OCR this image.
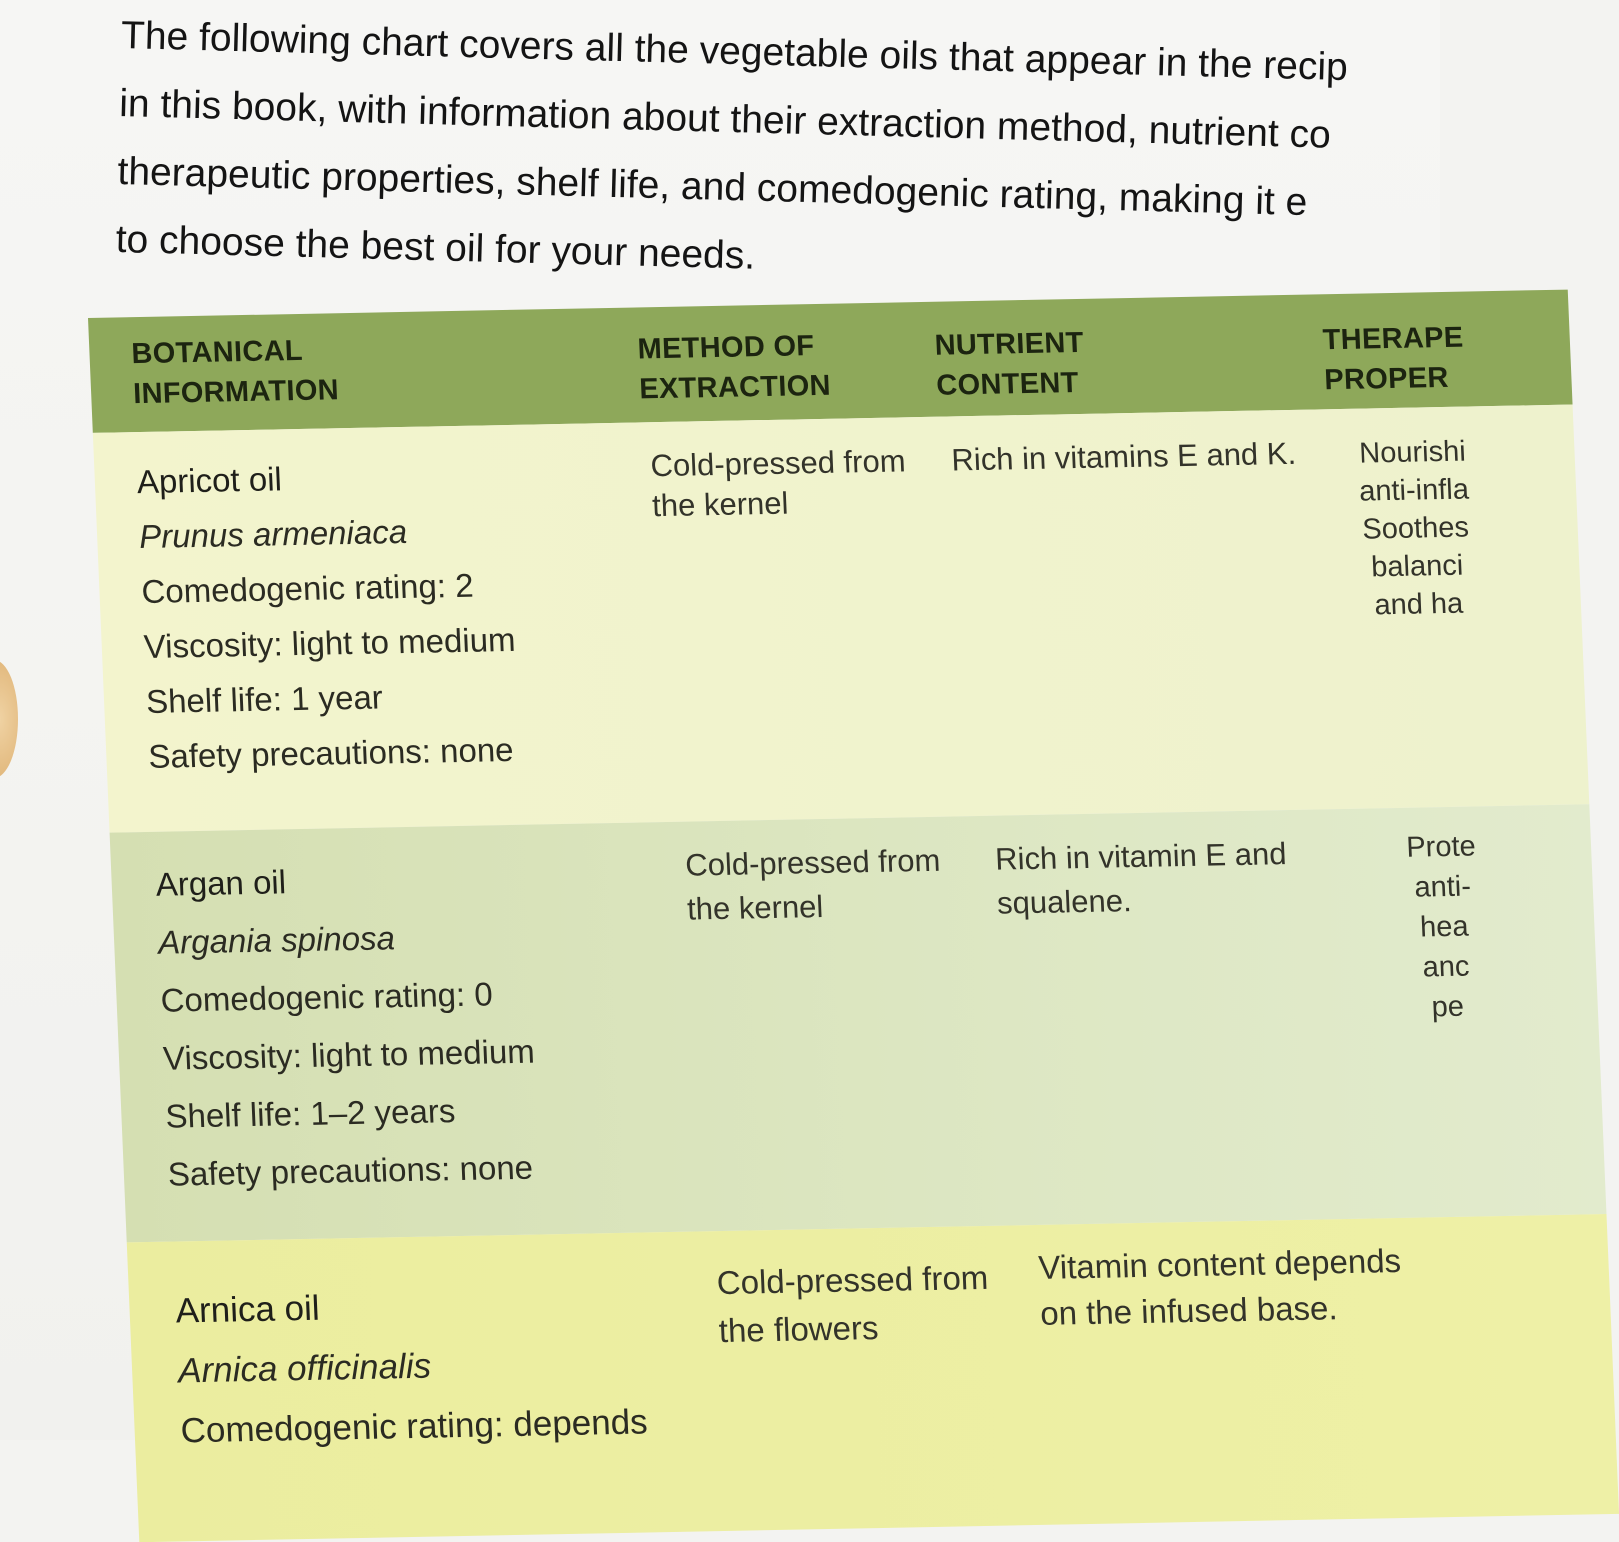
The following chart covers all the vegetable oils that appear in the recip
in this book, with information about their extraction method, nutrient co
therapeutic properties, shelf life, and comedogenic rating, making it e
to choose the best oil for your needs.

BOTANICAL
INFORMATION
METHOD OF
EXTRACTION
NUTRIENT
CONTENT
THERAPE
PROPER
Apricot oil
Prunus armeniaca
Comedogenic rating: 2
Viscosity: light to medium
Shelf life: 1 year
Safety precautions: none
Cold-pressed from
the kernel
Rich in vitamins E and K.	Nourishi
anti-infla
Soothes
balanci
and ha
Argan oil
Argania spinosa
Comedogenic rating: 0
Viscosity: light to medium
Shelf life: 1–2 years
Safety precautions: none
Cold-pressed from
the kernel
Rich in vitamin E and
squalene.
Prote
anti-
hea
anc
pe
Arnica oil
Arnica officinalis
Comedogenic rating: depends
Cold-pressed from
the flowers
Vitamin content depends
on the infused base.
